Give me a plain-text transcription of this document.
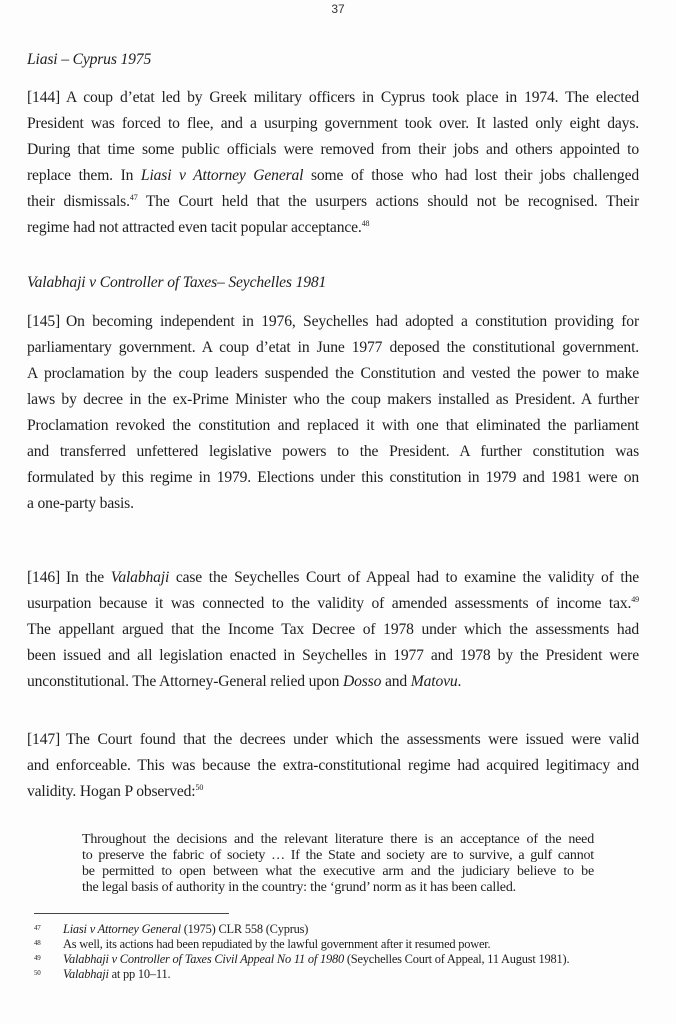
37
Liasi – Cyprus 1975
[144] A coup d’etat led by Greek military officers in Cyprus took place in 1974. The elected
President was forced to flee, and a usurping government took over. It lasted only eight days.
During that time some public officials were removed from their jobs and others appointed to
replace them. In Liasi v Attorney General some of those who had lost their jobs challenged
their dismissals.$^{47}$ The Court held that the usurpers actions should not be recognised. Their
regime had not attracted even tacit popular acceptance.$^{48}$
Valabhaji v Controller of Taxes– Seychelles 1981
[145] On becoming independent in 1976, Seychelles had adopted a constitution providing for
parliamentary government. A coup d’etat in June 1977 deposed the constitutional government.
A proclamation by the coup leaders suspended the Constitution and vested the power to make
laws by decree in the ex-Prime Minister who the coup makers installed as President. A further
Proclamation revoked the constitution and replaced it with one that eliminated the parliament
and transferred unfettered legislative powers to the President. A further constitution was
formulated by this regime in 1979. Elections under this constitution in 1979 and 1981 were on
a one-party basis.
[146] In the Valabhaji case the Seychelles Court of Appeal had to examine the validity of the
usurpation because it was connected to the validity of amended assessments of income tax.$^{49}$
The appellant argued that the Income Tax Decree of 1978 under which the assessments had
been issued and all legislation enacted in Seychelles in 1977 and 1978 by the President were
unconstitutional. The Attorney-General relied upon Dosso and Matovu.
[147] The Court found that the decrees under which the assessments were issued were valid
and enforceable. This was because the extra-constitutional regime had acquired legitimacy and
validity. Hogan P observed:$^{50}$
Throughout the decisions and the relevant literature there is an acceptance of the need
to preserve the fabric of society … If the State and society are to survive, a gulf cannot
be permitted to open between what the executive arm and the judiciary believe to be
the legal basis of authority in the country: the ‘grund’ norm as it has been called.
47 Liasi v Attorney General (1975) CLR 558 (Cyprus)
48 As well, its actions had been repudiated by the lawful government after it resumed power.
49 Valabhaji v Controller of Taxes Civil Appeal No 11 of 1980 (Seychelles Court of Appeal, 11 August 1981).
50 Valabhaji at pp 10–11.
